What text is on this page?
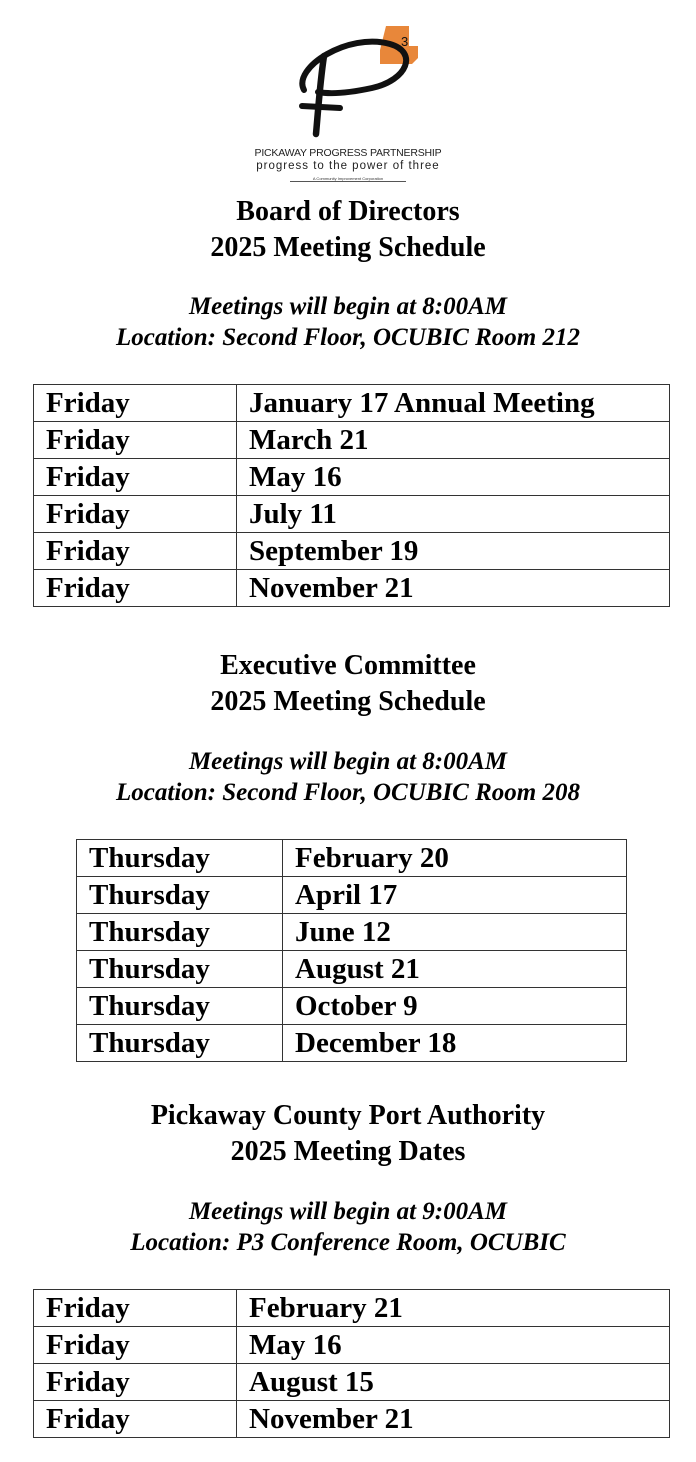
3
PICKAWAY PROGRESS PARTNERSHIP
progress to the power of three
A Community Improvement Corporation
Board of Directors
2025 Meeting Schedule
Meetings will begin at 8:00AM
Location: Second Floor, OCUBIC Room 212
Friday	January 17 Annual Meeting
Friday	March 21
Friday	May 16
Friday	July 11
Friday	September 19
Friday	November 21
Executive Committee
2025 Meeting Schedule
Meetings will begin at 8:00AM
Location: Second Floor, OCUBIC Room 208
Thursday	February 20
Thursday	April 17
Thursday	June 12
Thursday	August 21
Thursday	October 9
Thursday	December 18
Pickaway County Port Authority
2025 Meeting Dates
Meetings will begin at 9:00AM
Location: P3 Conference Room, OCUBIC
Friday	February 21
Friday	May 16
Friday	August 15
Friday	November 21
